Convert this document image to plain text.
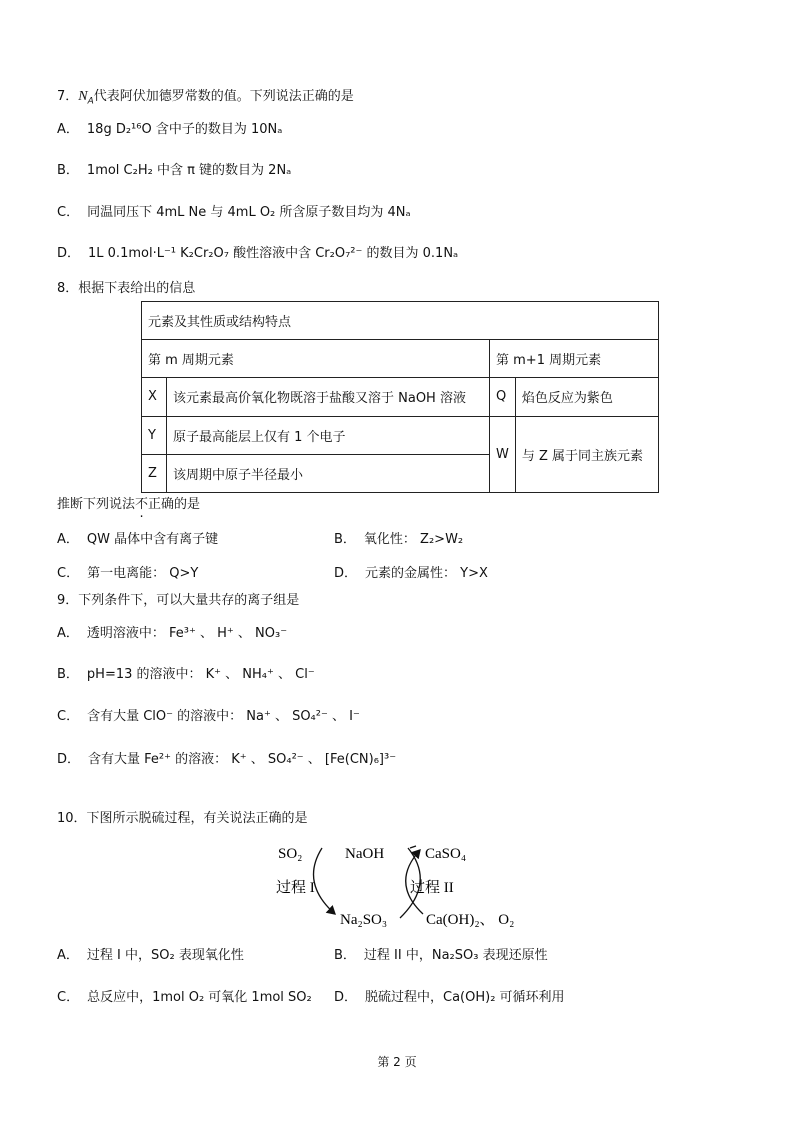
7．$N_A$代表阿伏加德罗常数的值。下列说法正确的是
A． 18g D₂¹⁶O 含中子的数目为 10Nₐ
B． 1mol C₂H₂ 中含 π 键的数目为 2Nₐ
C． 同温同压下 4mL Ne 与 4mL O₂ 所含原子数目均为 4Nₐ
D． 1L 0.1mol·L⁻¹ K₂Cr₂O₇ 酸性溶液中含 Cr₂O₇²⁻ 的数目为 0.1Nₐ
8．根据下表给出的信息
元素及其性质或结构特点			
第 m 周期元素		第 m+1 周期元素	
X	该元素最高价氧化物既溶于盐酸又溶于 NaOH 溶液	Q	焰色反应为紫色
Y	原子最高能层上仅有 1 个电子	W	与 Z 属于同主族元素
Z	该周期中原子半径最小		
推断下列说法不正确的是
A． QW 晶体中含有离子键	B． 氧化性： Z₂>W₂
C． 第一电离能： Q>Y	D． 元素的金属性： Y>X
9．下列条件下，可以大量共存的离子组是
A． 透明溶液中： Fe³⁺ 、 H⁺ 、 NO₃⁻
B． pH=13 的溶液中： K⁺ 、 NH₄⁺ 、 Cl⁻
C． 含有大量 ClO⁻ 的溶液中： Na⁺ 、 SO₄²⁻ 、 I⁻
D． 含有大量 Fe²⁺ 的溶液： K⁺ 、 SO₄²⁻ 、 [Fe(CN)₆]³⁻
10．下图所示脱硫过程，有关说法正确的是
SO₂	NaOH	CaSO₄
过程 I	过程 II
Na₂SO₃	Ca(OH)₂、 O₂
A． 过程 I 中，SO₂ 表现氧化性	B． 过程 II 中，Na₂SO₃ 表现还原性
C． 总反应中，1mol O₂ 可氧化 1mol SO₂ D． 脱硫过程中，Ca(OH)₂ 可循环利用
第 2 页
